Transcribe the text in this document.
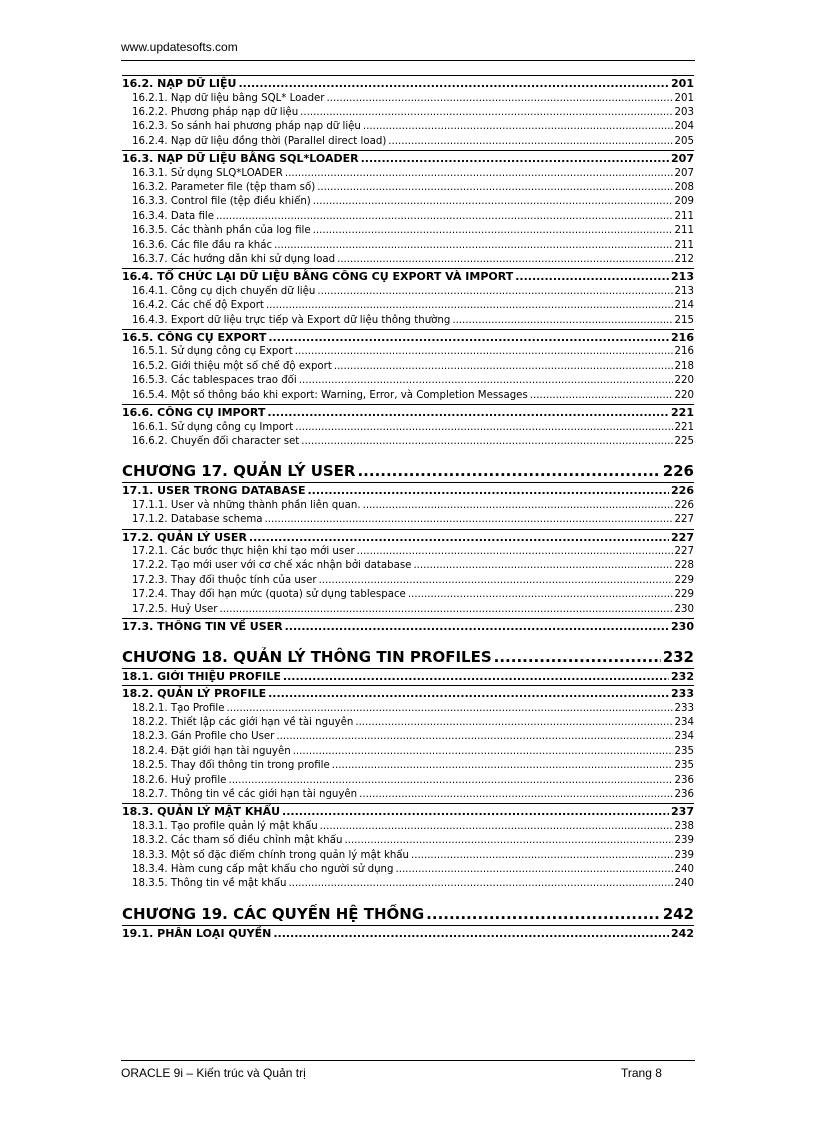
www.updatesofts.com
16.2. NẠP DỮ LIỆU .....	201
16.2.1. Nạp dữ liệu bằng SQL* Loader .....	201
16.2.2. Phương pháp nạp dữ liệu .....	203
16.2.3. So sánh hai phương pháp nạp dữ liệu .....	204
16.2.4. Nạp dữ liệu đồng thời (Parallel direct load) .....	205
16.3. NẠP DỮ LIỆU BẰNG SQL*LOADER .....	207
16.3.1. Sử dụng SLQ*LOADER .....	207
16.3.2. Parameter file (tệp tham số) .....	208
16.3.3. Control file (tệp điều khiển) .....	209
16.3.4. Data file .....	211
16.3.5. Các thành phần của log file .....	211
16.3.6. Các file đầu ra khác .....	211
16.3.7. Các hướng dẫn khi sử dụng load .....	212
16.4. TỔ CHỨC LẠI DỮ LIỆU BẰNG CÔNG CỤ EXPORT VÀ IMPORT .....	213
16.4.1. Công cụ dịch chuyển dữ liệu .....	213
16.4.2. Các chế độ Export .....	214
16.4.3. Export dữ liệu trực tiếp và Export dữ liệu thông thường .....	215
16.5. CÔNG CỤ EXPORT .....	216
16.5.1. Sử dụng công cụ Export .....	216
16.5.2. Giới thiệu một số chế độ export .....	218
16.5.3. Các tablespaces trao đổi .....	220
16.5.4. Một số thông báo khi export: Warning, Error, và Completion Messages .....	220
16.6. CÔNG CỤ IMPORT .....	221
16.6.1. Sử dụng công cụ Import .....	221
16.6.2. Chuyển đổi character set .....	225
CHƯƠNG 17. QUẢN LÝ USER .....	226
17.1. USER TRONG DATABASE .....	226
17.1.1. User và những thành phần liên quan. .....	226
17.1.2. Database schema .....	227
17.2. QUẢN LÝ USER .....	227
17.2.1. Các bước thực hiện khi tạo mới user .....	227
17.2.2. Tạo mới user với cơ chế xác nhận bởi database .....	228
17.2.3. Thay đổi thuộc tính của user .....	229
17.2.4. Thay đổi hạn mức (quota) sử dụng tablespace .....	229
17.2.5. Huỷ User .....	230
17.3. THÔNG TIN VỀ USER .....	230
CHƯƠNG 18. QUẢN LÝ THÔNG TIN PROFILES .....	232
18.1. GIỚI THIỆU PROFILE .....	232
18.2. QUẢN LÝ PROFILE .....	233
18.2.1. Tạo Profile .....	233
18.2.2. Thiết lập các giới hạn về tài nguyên .....	234
18.2.3. Gán Profile cho User .....	234
18.2.4. Đặt giới hạn tài nguyên .....	235
18.2.5. Thay đổi thông tin trong profile .....	235
18.2.6. Huỷ profile .....	236
18.2.7. Thông tin về các giới hạn tài nguyên .....	236
18.3. QUẢN LÝ MẬT KHẨU .....	237
18.3.1. Tạo profile quản lý mật khẩu .....	238
18.3.2. Các tham số điều chỉnh mật khẩu .....	239
18.3.3. Một số đặc điểm chính trong quản lý mật khẩu .....	239
18.3.4. Hàm cung cấp mật khẩu cho người sử dụng .....	240
18.3.5. Thông tin về mật khẩu .....	240
CHƯƠNG 19. CÁC QUYỀN HỆ THỐNG .....	242
19.1. PHÂN LOẠI QUYỀN .....	242
ORACLE 9i – Kiến trúc và Quản trị	Trang 8
